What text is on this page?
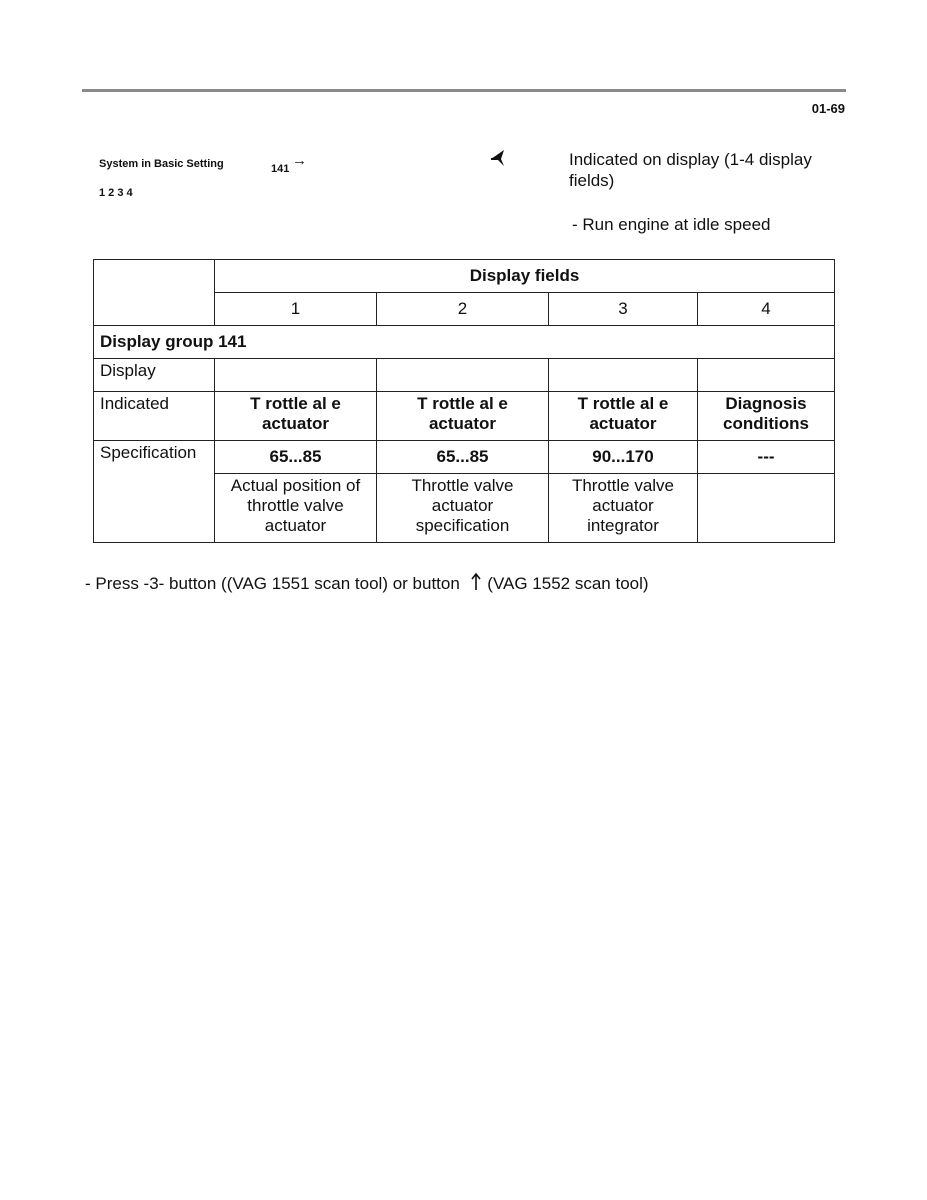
01-69
System in Basic Setting	141 →
1 2 3 4
Indicated on display (1-4 display fields)
- Run engine at idle speed
	Display fields			
	1	2	3	4
Display group 141				
Display				
Indicated	T rottle al e actuator	T rottle al e actuator	T rottle al e actuator	Diagnosis conditions
Specification	65...85	65...85	90...170	---
	Actual position of throttle valve actuator	Throttle valve actuator specification	Throttle valve actuator integrator	
- Press -3- button ((VAG 1551 scan tool) or button (VAG 1552 scan tool)
